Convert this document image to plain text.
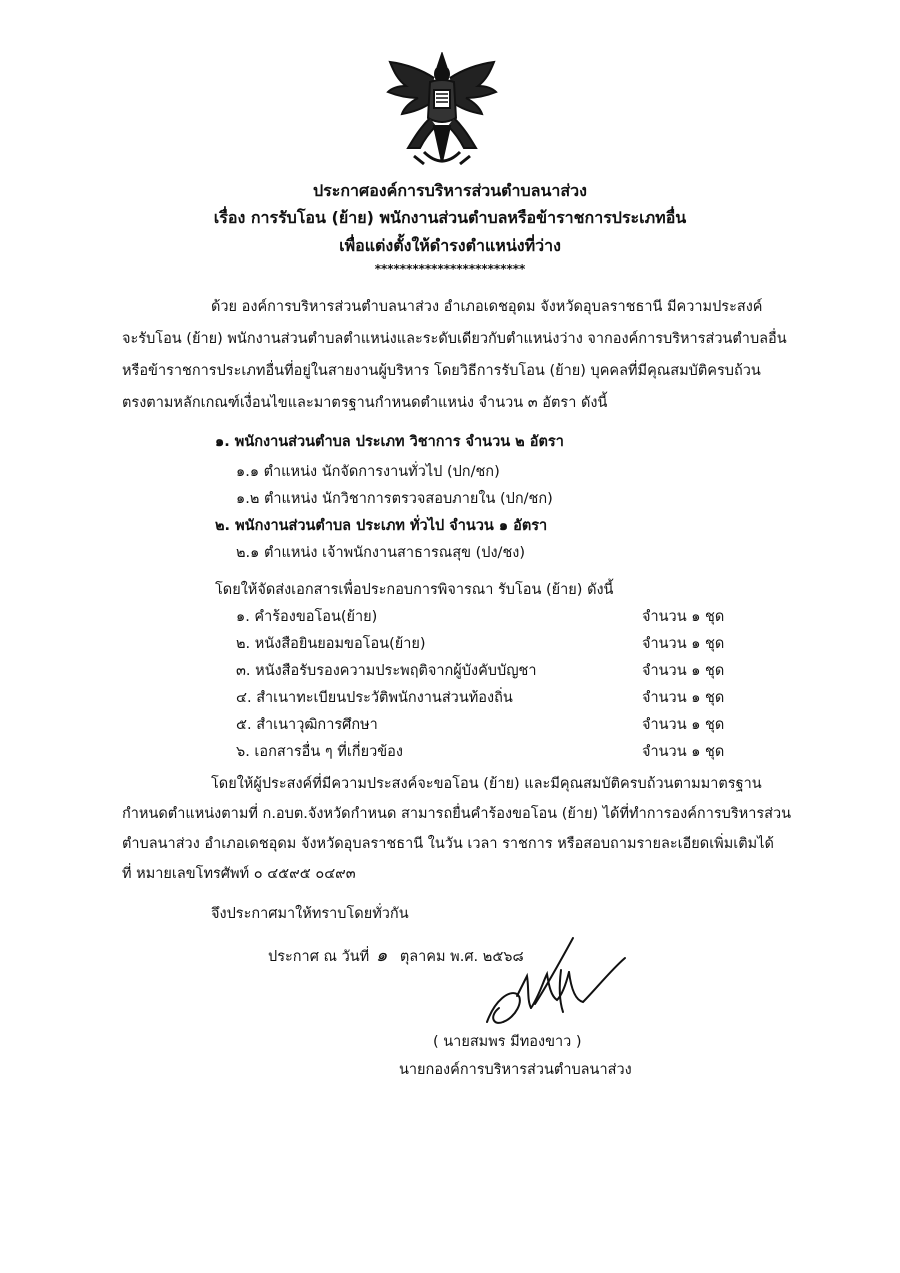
ประกาศองค์การบริหารส่วนตำบลนาส่วง
เรื่อง การรับโอน (ย้าย) พนักงานส่วนตำบลหรือข้าราชการประเภทอื่น
เพื่อแต่งตั้งให้ดำรงตำแหน่งที่ว่าง
************************
ด้วย องค์การบริหารส่วนตำบลนาส่วง อำเภอเดชอุดม จังหวัดอุบลราชธานี มีความประสงค์
จะรับโอน (ย้าย) พนักงานส่วนตำบลตำแหน่งและระดับเดียวกับตำแหน่งว่าง จากองค์การบริหารส่วนตำบลอื่น
หรือข้าราชการประเภทอื่นที่อยู่ในสายงานผู้บริหาร โดยวิธีการรับโอน (ย้าย) บุคคลที่มีคุณสมบัติครบถ้วน
ตรงตามหลักเกณฑ์เงื่อนไขและมาตรฐานกำหนดตำแหน่ง จำนวน ๓ อัตรา ดังนี้
๑. พนักงานส่วนตำบล ประเภท วิชาการ จำนวน ๒ อัตรา
๑.๑ ตำแหน่ง นักจัดการงานทั่วไป (ปก/ชก)
๑.๒ ตำแหน่ง นักวิชาการตรวจสอบภายใน (ปก/ชก)
๒. พนักงานส่วนตำบล ประเภท ทั่วไป จำนวน ๑ อัตรา
๒.๑ ตำแหน่ง เจ้าพนักงานสาธารณสุข (ปง/ชง)
โดยให้จัดส่งเอกสารเพื่อประกอบการพิจารณา รับโอน (ย้าย) ดังนี้
๑. คำร้องขอโอน(ย้าย)	จำนวน ๑ ชุด
๒. หนังสือยินยอมขอโอน(ย้าย)	จำนวน ๑ ชุด
๓. หนังสือรับรองความประพฤติจากผู้บังคับบัญชา	จำนวน ๑ ชุด
๔. สำเนาทะเบียนประวัติพนักงานส่วนท้องถิ่น	จำนวน ๑ ชุด
๕. สำเนาวุฒิการศึกษา	จำนวน ๑ ชุด
๖. เอกสารอื่น ๆ ที่เกี่ยวข้อง	จำนวน ๑ ชุด
โดยให้ผู้ประสงค์ที่มีความประสงค์จะขอโอน (ย้าย) และมีคุณสมบัติครบถ้วนตามมาตรฐาน
กำหนดตำแหน่งตามที่ ก.อบต.จังหวัดกำหนด สามารถยื่นคำร้องขอโอน (ย้าย) ได้ที่ทำการองค์การบริหารส่วน
ตำบลนาส่วง อำเภอเดชอุดม จังหวัดอุบลราชธานี ในวัน เวลา ราชการ หรือสอบถามรายละเอียดเพิ่มเติมได้
ที่ หมายเลขโทรศัพท์ ๐ ๔๕๙๕ ๐๔๙๓
จึงประกาศมาให้ทราบโดยทั่วกัน
ประกาศ ณ วันที่ ๑ ตุลาคม พ.ศ. ๒๕๖๘
( นายสมพร มีทองขาว )
นายกองค์การบริหารส่วนตำบลนาส่วง
